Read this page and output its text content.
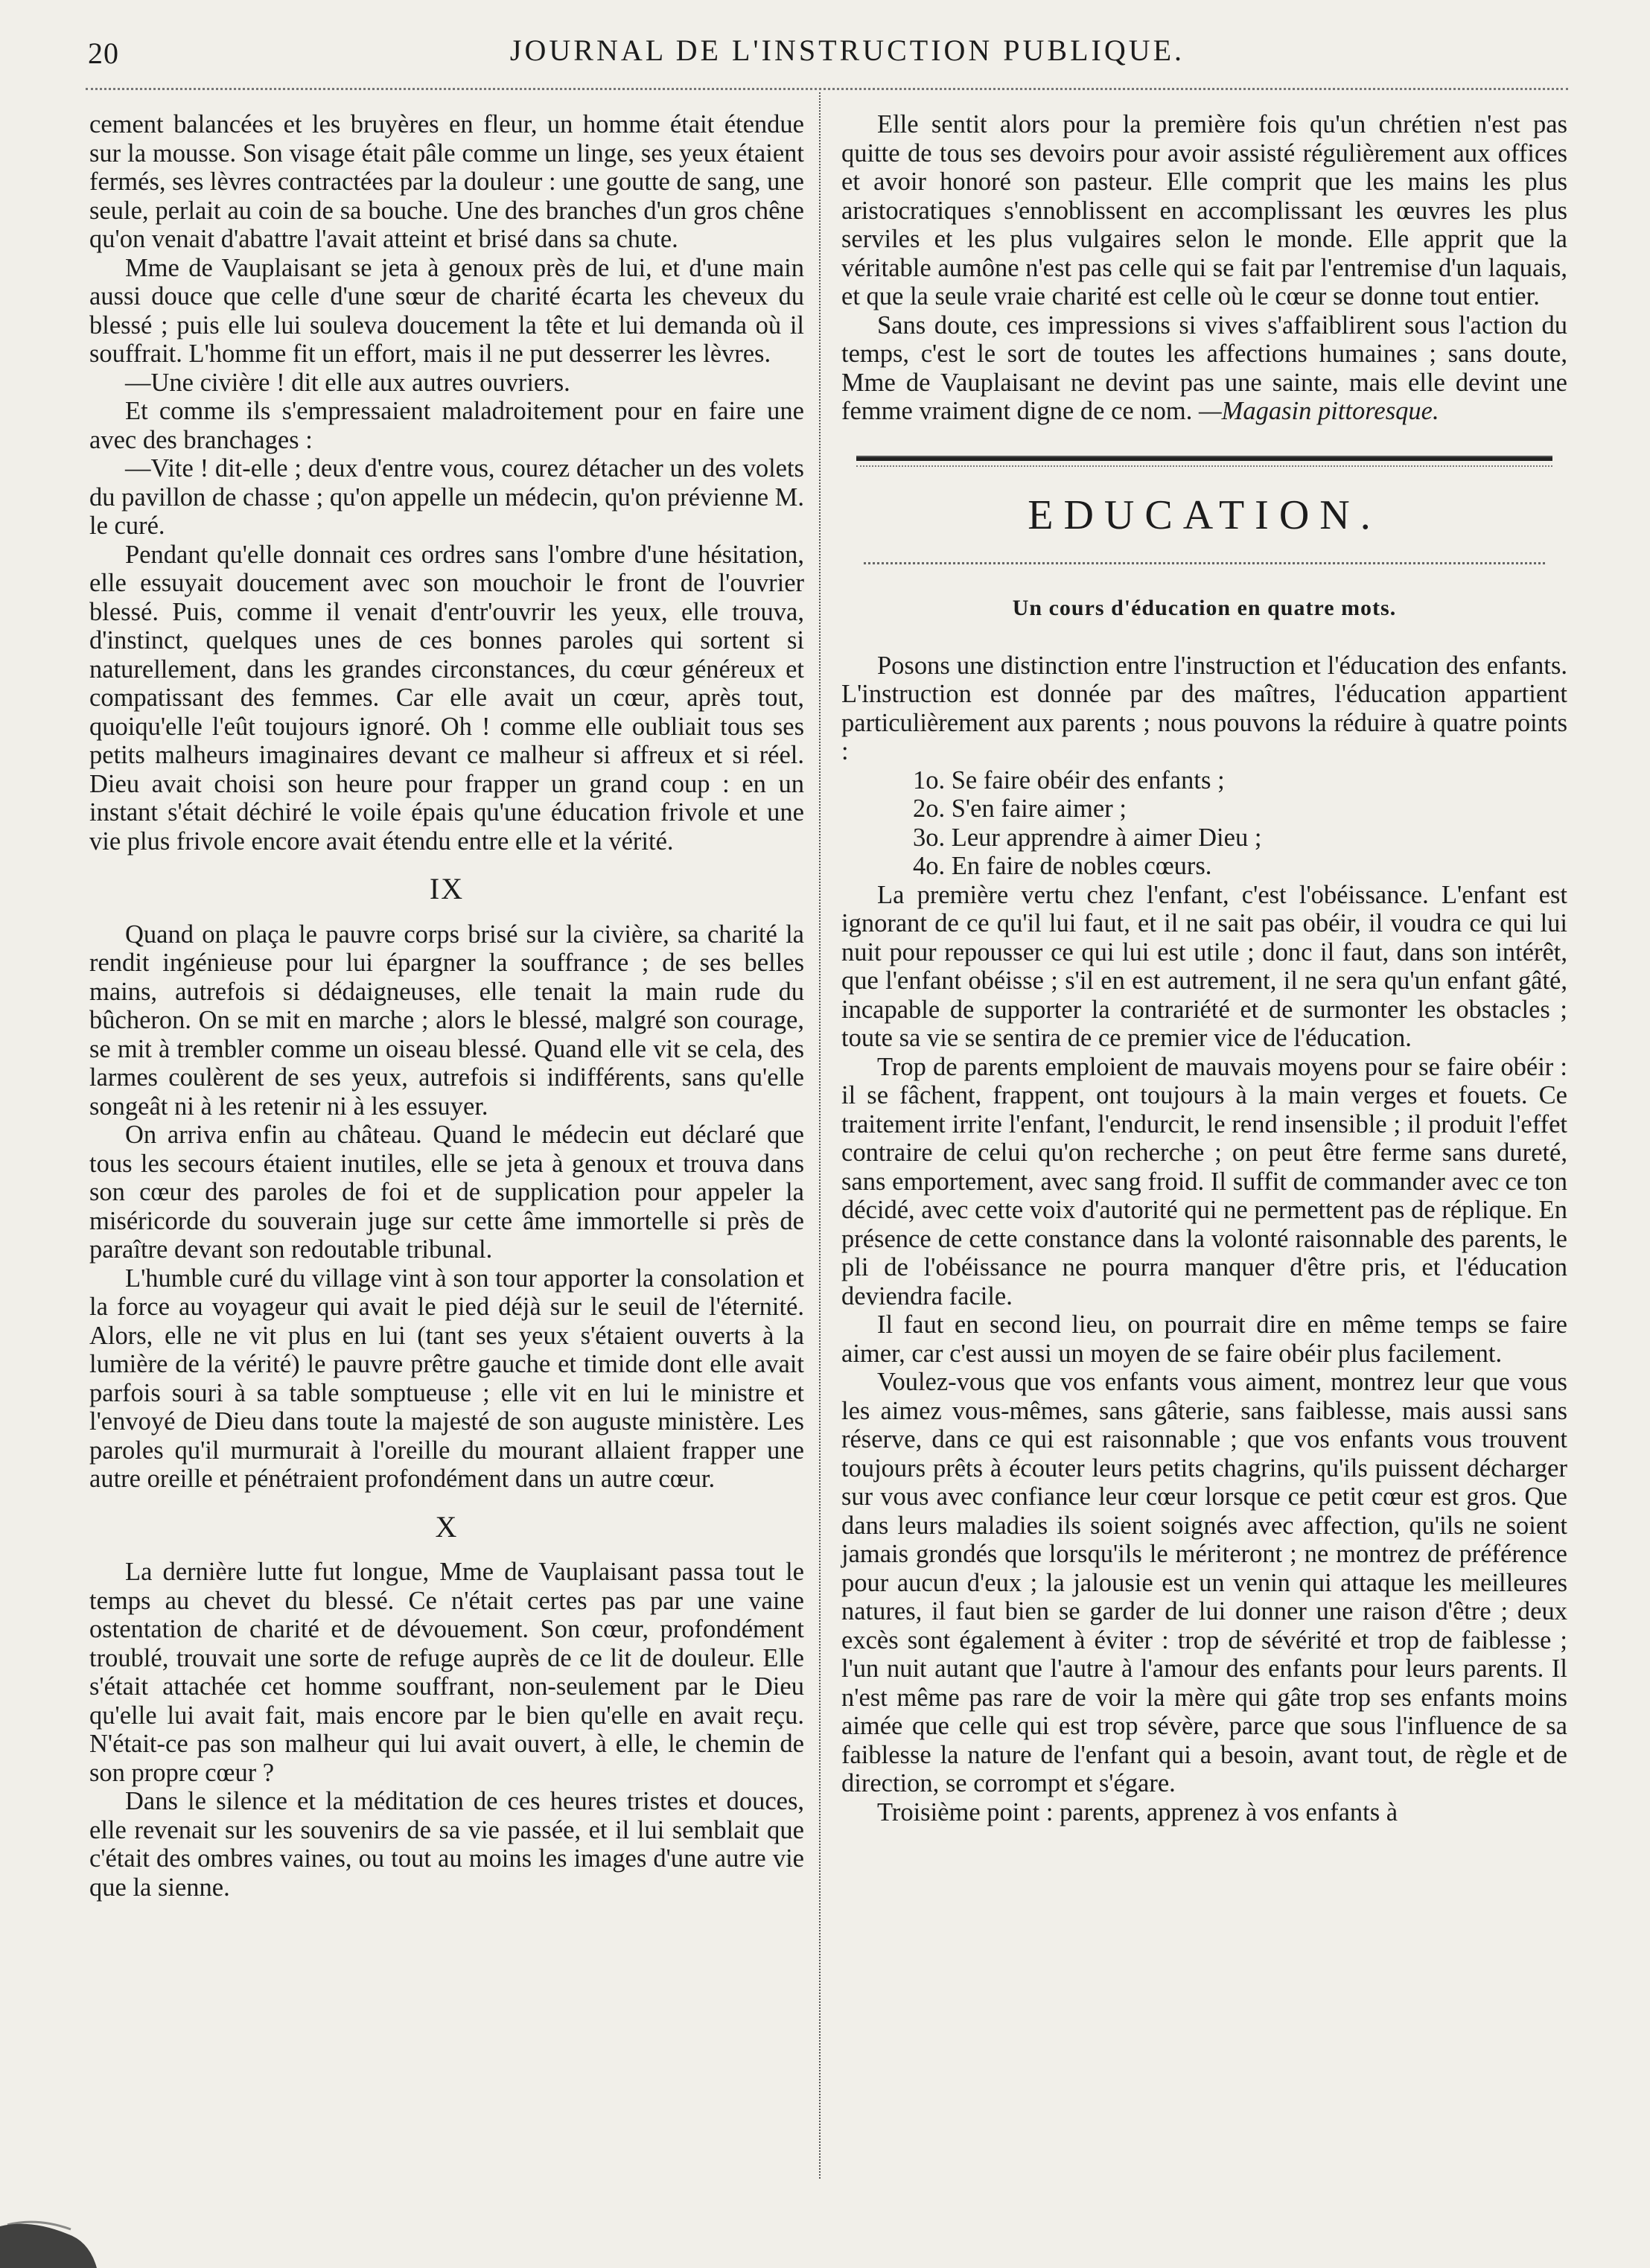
20	JOURNAL DE L'INSTRUCTION PUBLIQUE.

cement balancées et les bruyères en fleur, un homme était étendue sur la mousse. Son visage était pâle comme un linge, ses yeux étaient fermés, ses lèvres contractées par la douleur : une goutte de sang, une seule, perlait au coin de sa bouche. Une des branches d'un gros chêne qu'on venait d'abattre l'avait atteint et brisé dans sa chute.

Mme de Vauplaisant se jeta à genoux près de lui, et d'une main aussi douce que celle d'une sœur de charité écarta les cheveux du blessé ; puis elle lui souleva doucement la tête et lui demanda où il souffrait. L'homme fit un effort, mais il ne put desserrer les lèvres.

—Une civière ! dit elle aux autres ouvriers.

Et comme ils s'empressaient maladroitement pour en faire une avec des branchages :

—Vite ! dit-elle ; deux d'entre vous, courez détacher un des volets du pavillon de chasse ; qu'on appelle un médecin, qu'on prévienne M. le curé.

Pendant qu'elle donnait ces ordres sans l'ombre d'une hésitation, elle essuyait doucement avec son mouchoir le front de l'ouvrier blessé. Puis, comme il venait d'entr'ouvrir les yeux, elle trouva, d'instinct, quelques unes de ces bonnes paroles qui sortent si naturellement, dans les grandes circonstances, du cœur généreux et compatissant des femmes. Car elle avait un cœur, après tout, quoiqu'elle l'eût toujours ignoré. Oh ! comme elle oubliait tous ses petits malheurs imaginaires devant ce malheur si affreux et si réel. Dieu avait choisi son heure pour frapper un grand coup : en un instant s'était déchiré le voile épais qu'une éducation frivole et une vie plus frivole encore avait étendu entre elle et la vérité.

IX

Quand on plaça le pauvre corps brisé sur la civière, sa charité la rendit ingénieuse pour lui épargner la souffrance ; de ses belles mains, autrefois si dédaigneuses, elle tenait la main rude du bûcheron. On se mit en marche ; alors le blessé, malgré son courage, se mit à trembler comme un oiseau blessé. Quand elle vit se cela, des larmes coulèrent de ses yeux, autrefois si indifférents, sans qu'elle songeât ni à les retenir ni à les essuyer.

On arriva enfin au château. Quand le médecin eut déclaré que tous les secours étaient inutiles, elle se jeta à genoux et trouva dans son cœur des paroles de foi et de supplication pour appeler la miséricorde du souverain juge sur cette âme immortelle si près de paraître devant son redoutable tribunal.

L'humble curé du village vint à son tour apporter la consolation et la force au voyageur qui avait le pied déjà sur le seuil de l'éternité. Alors, elle ne vit plus en lui (tant ses yeux s'étaient ouverts à la lumière de la vérité) le pauvre prêtre gauche et timide dont elle avait parfois souri à sa table somptueuse ; elle vit en lui le ministre et l'envoyé de Dieu dans toute la majesté de son auguste ministère. Les paroles qu'il murmurait à l'oreille du mourant allaient frapper une autre oreille et pénétraient profondément dans un autre cœur.

X

La dernière lutte fut longue, Mme de Vauplaisant passa tout le temps au chevet du blessé. Ce n'était certes pas par une vaine ostentation de charité et de dévouement. Son cœur, profondément troublé, trouvait une sorte de refuge auprès de ce lit de douleur. Elle s'était attachée cet homme souffrant, non-seulement par le Dieu qu'elle lui avait fait, mais encore par le bien qu'elle en avait reçu. N'était-ce pas son malheur qui lui avait ouvert, à elle, le chemin de son propre cœur ?

Dans le silence et la méditation de ces heures tristes et douces, elle revenait sur les souvenirs de sa vie passée, et il lui semblait que c'était des ombres vaines, ou tout au moins les images d'une autre vie que la sienne.

Elle sentit alors pour la première fois qu'un chrétien n'est pas quitte de tous ses devoirs pour avoir assisté régulièrement aux offices et avoir honoré son pasteur. Elle comprit que les mains les plus aristocratiques s'ennoblissent en accomplissant les œuvres les plus serviles et les plus vulgaires selon le monde. Elle apprit que la véritable aumône n'est pas celle qui se fait par l'entremise d'un laquais, et que la seule vraie charité est celle où le cœur se donne tout entier.

Sans doute, ces impressions si vives s'affaiblirent sous l'action du temps, c'est le sort de toutes les affections humaines ; sans doute, Mme de Vauplaisant ne devint pas une sainte, mais elle devint une femme vraiment digne de ce nom. —Magasin pittoresque.

EDUCATION.
Un cours d'éducation en quatre mots.

Posons une distinction entre l'instruction et l'éducation des enfants. L'instruction est donnée par des maîtres, l'éducation appartient particulièrement aux parents ; nous pouvons la réduire à quatre points :

1o. Se faire obéir des enfants ;

2o. S'en faire aimer ;

3o. Leur apprendre à aimer Dieu ;

4o. En faire de nobles cœurs.

La première vertu chez l'enfant, c'est l'obéissance. L'enfant est ignorant de ce qu'il lui faut, et il ne sait pas obéir, il voudra ce qui lui nuit pour repousser ce qui lui est utile ; donc il faut, dans son intérêt, que l'enfant obéisse ; s'il en est autrement, il ne sera qu'un enfant gâté, incapable de supporter la contrariété et de surmonter les obstacles ; toute sa vie se sentira de ce premier vice de l'éducation.

Trop de parents emploient de mauvais moyens pour se faire obéir : il se fâchent, frappent, ont toujours à la main verges et fouets. Ce traitement irrite l'enfant, l'endurcit, le rend insensible ; il produit l'effet contraire de celui qu'on recherche ; on peut être ferme sans dureté, sans emportement, avec sang froid. Il suffit de commander avec ce ton décidé, avec cette voix d'autorité qui ne permettent pas de réplique. En présence de cette constance dans la volonté raisonnable des parents, le pli de l'obéissance ne pourra manquer d'être pris, et l'éducation deviendra facile.

Il faut en second lieu, on pourrait dire en même temps se faire aimer, car c'est aussi un moyen de se faire obéir plus facilement.

Voulez-vous que vos enfants vous aiment, montrez leur que vous les aimez vous-mêmes, sans gâterie, sans faiblesse, mais aussi sans réserve, dans ce qui est raisonnable ; que vos enfants vous trouvent toujours prêts à écouter leurs petits chagrins, qu'ils puissent décharger sur vous avec confiance leur cœur lorsque ce petit cœur est gros. Que dans leurs maladies ils soient soignés avec affection, qu'ils ne soient jamais grondés que lorsqu'ils le mériteront ; ne montrez de préférence pour aucun d'eux ; la jalousie est un venin qui attaque les meilleures natures, il faut bien se garder de lui donner une raison d'être ; deux excès sont également à éviter : trop de sévérité et trop de faiblesse ; l'un nuit autant que l'autre à l'amour des enfants pour leurs parents. Il n'est même pas rare de voir la mère qui gâte trop ses enfants moins aimée que celle qui est trop sévère, parce que sous l'influence de sa faiblesse la nature de l'enfant qui a besoin, avant tout, de règle et de direction, se corrompt et s'égare.

Troisième point : parents, apprenez à vos enfants à
